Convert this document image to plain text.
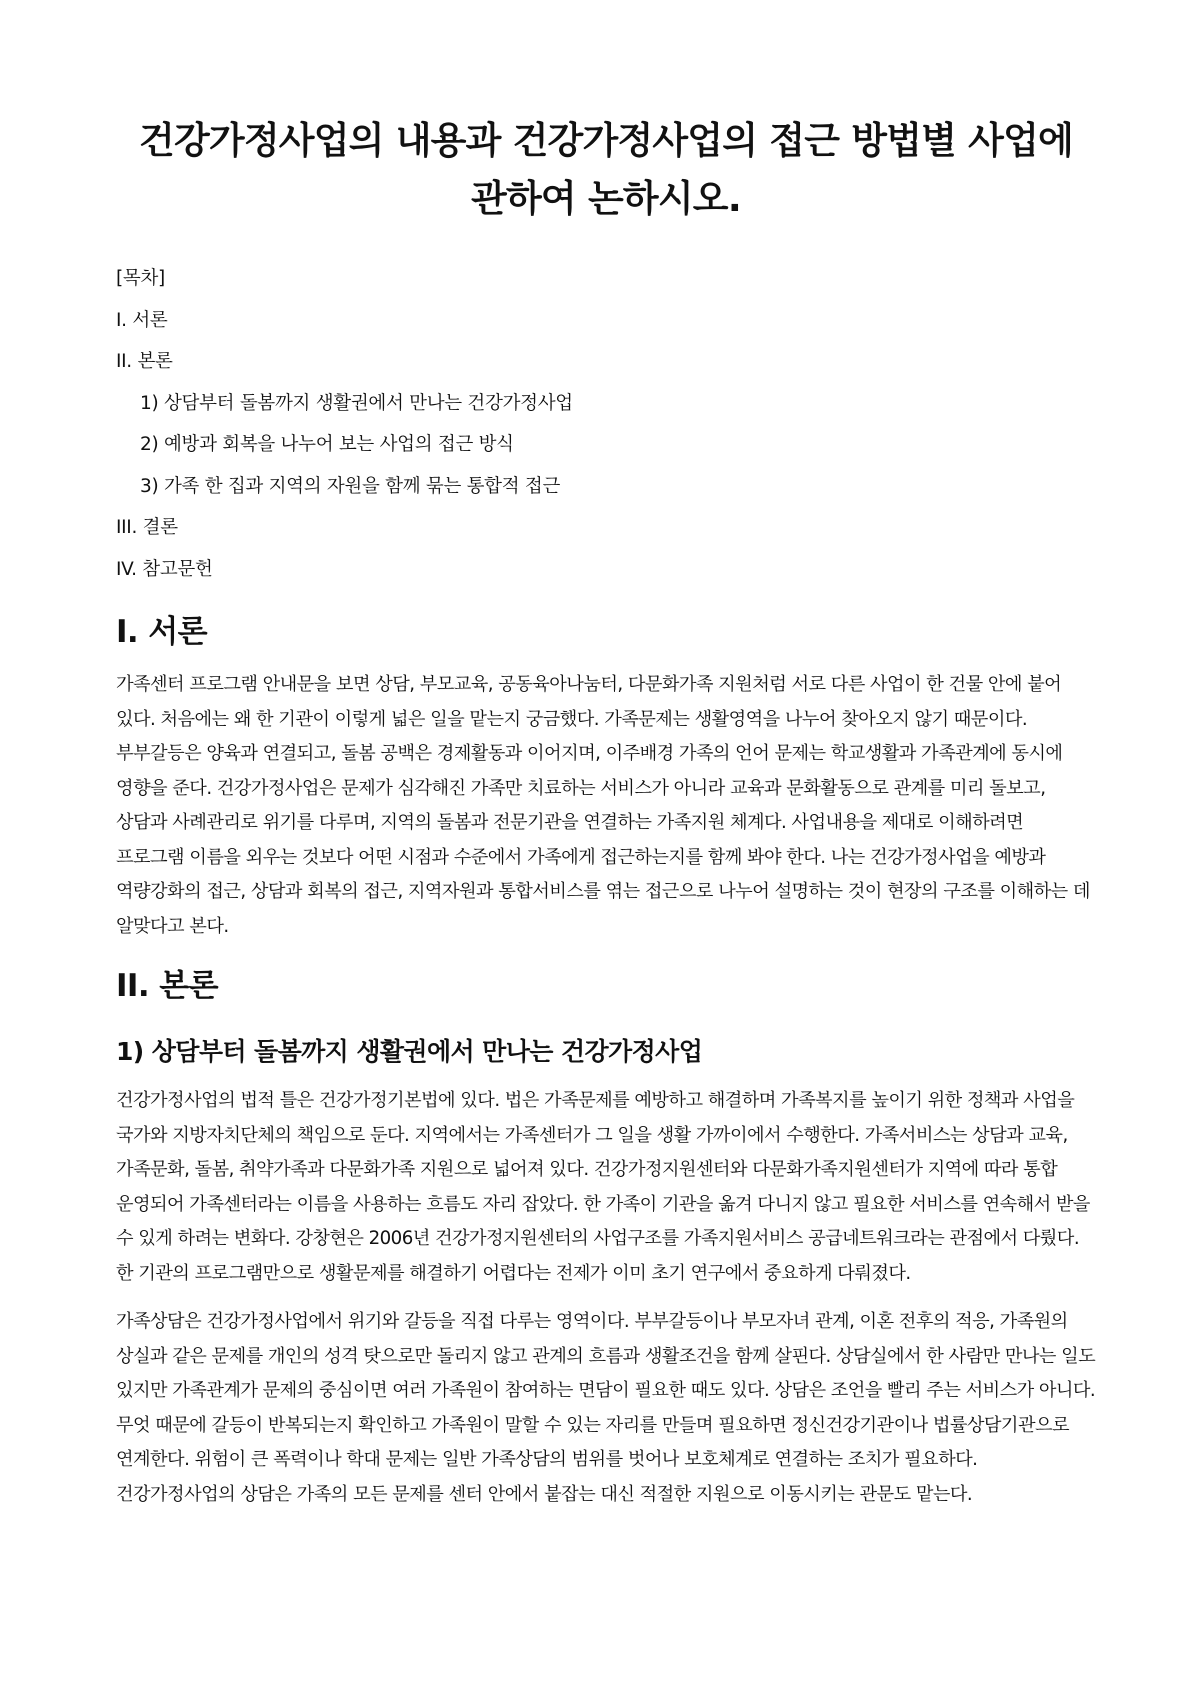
건강가정사업의 내용과 건강가정사업의 접근 방법별 사업에 관하여 논하시오.
[목차]
I. 서론
II. 본론
1) 상담부터 돌봄까지 생활권에서 만나는 건강가정사업
2) 예방과 회복을 나누어 보는 사업의 접근 방식
3) 가족 한 집과 지역의 자원을 함께 묶는 통합적 접근
III. 결론
IV. 참고문헌
I. 서론

가족센터 프로그램 안내문을 보면 상담, 부모교육, 공동육아나눔터, 다문화가족 지원처럼 서로 다른 사업이 한 건물 안에 붙어 있다. 처음에는 왜 한 기관이 이렇게 넓은 일을 맡는지 궁금했다. 가족문제는 생활영역을 나누어 찾아오지 않기 때문이다. 부부갈등은 양육과 연결되고, 돌봄 공백은 경제활동과 이어지며, 이주배경 가족의 언어 문제는 학교생활과 가족관계에 동시에 영향을 준다. 건강가정사업은 문제가 심각해진 가족만 치료하는 서비스가 아니라 교육과 문화활동으로 관계를 미리 돌보고, 상담과 사례관리로 위기를 다루며, 지역의 돌봄과 전문기관을 연결하는 가족지원 체계다. 사업내용을 제대로 이해하려면 프로그램 이름을 외우는 것보다 어떤 시점과 수준에서 가족에게 접근하는지를 함께 봐야 한다. 나는 건강가정사업을 예방과 역량강화의 접근, 상담과 회복의 접근, 지역자원과 통합서비스를 엮는 접근으로 나누어 설명하는 것이 현장의 구조를 이해하는 데 알맞다고 본다.

II. 본론
1) 상담부터 돌봄까지 생활권에서 만나는 건강가정사업

건강가정사업의 법적 틀은 건강가정기본법에 있다. 법은 가족문제를 예방하고 해결하며 가족복지를 높이기 위한 정책과 사업을 국가와 지방자치단체의 책임으로 둔다. 지역에서는 가족센터가 그 일을 생활 가까이에서 수행한다. 가족서비스는 상담과 교육, 가족문화, 돌봄, 취약가족과 다문화가족 지원으로 넓어져 있다. 건강가정지원센터와 다문화가족지원센터가 지역에 따라 통합 운영되어 가족센터라는 이름을 사용하는 흐름도 자리 잡았다. 한 가족이 기관을 옮겨 다니지 않고 필요한 서비스를 연속해서 받을 수 있게 하려는 변화다. 강창현은 2006년 건강가정지원센터의 사업구조를 가족지원서비스 공급네트워크라는 관점에서 다뤘다. 한 기관의 프로그램만으로 생활문제를 해결하기 어렵다는 전제가 이미 초기 연구에서 중요하게 다뤄졌다.

가족상담은 건강가정사업에서 위기와 갈등을 직접 다루는 영역이다. 부부갈등이나 부모자녀 관계, 이혼 전후의 적응, 가족원의 상실과 같은 문제를 개인의 성격 탓으로만 돌리지 않고 관계의 흐름과 생활조건을 함께 살핀다. 상담실에서 한 사람만 만나는 일도 있지만 가족관계가 문제의 중심이면 여러 가족원이 참여하는 면담이 필요한 때도 있다. 상담은 조언을 빨리 주는 서비스가 아니다. 무엇 때문에 갈등이 반복되는지 확인하고 가족원이 말할 수 있는 자리를 만들며 필요하면 정신건강기관이나 법률상담기관으로 연계한다. 위험이 큰 폭력이나 학대 문제는 일반 가족상담의 범위를 벗어나 보호체계로 연결하는 조치가 필요하다. 건강가정사업의 상담은 가족의 모든 문제를 센터 안에서 붙잡는 대신 적절한 지원으로 이동시키는 관문도 맡는다.
